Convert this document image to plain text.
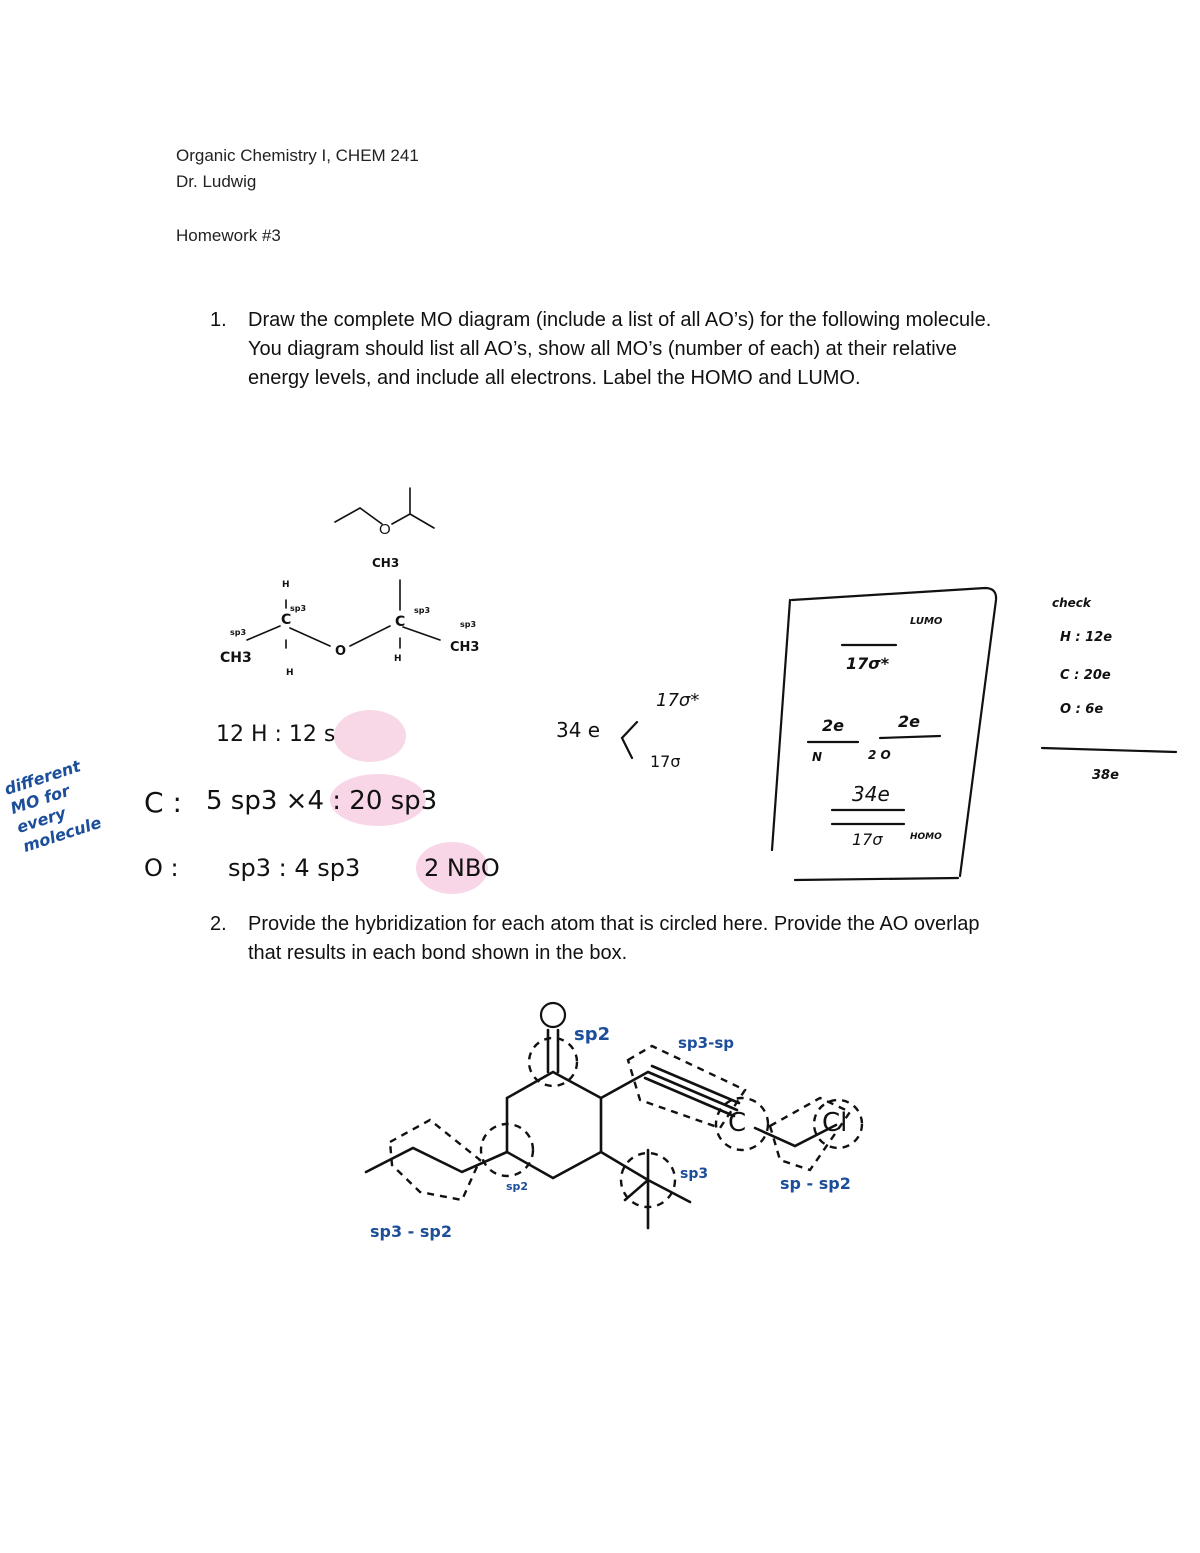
Organic Chemistry I, CHEM 241
Dr. Ludwig
Homework #3
1. Draw the complete MO diagram (include a list of all AO’s) for the following molecule. You diagram should list all AO’s, show all MO’s (number of each) at their relative energy levels, and include all electrons. Label the HOMO and LUMO.
2. Provide the hybridization for each atom that is circled here. Provide the AO overlap that results in each bond shown in the box.
O
CH3
CH3
CH3
C	C
H
H
H
O
sp3
sp3	sp3
sp3
12 H : 12 s
C : 5 sp3 ×4 : 20 sp3
O : sp3 : 4 sp3	2 NBO
different MO for every molecule
34 e
17σ*
17σ
17σ*
LUMO
2e	2e
N	2 O
34e
17σ	HOMO
check
H : 12e
C : 20e
O : 6e
38e
C	Cl
sp2	sp3-sp
sp2
sp3	sp - sp2
sp3 - sp2
